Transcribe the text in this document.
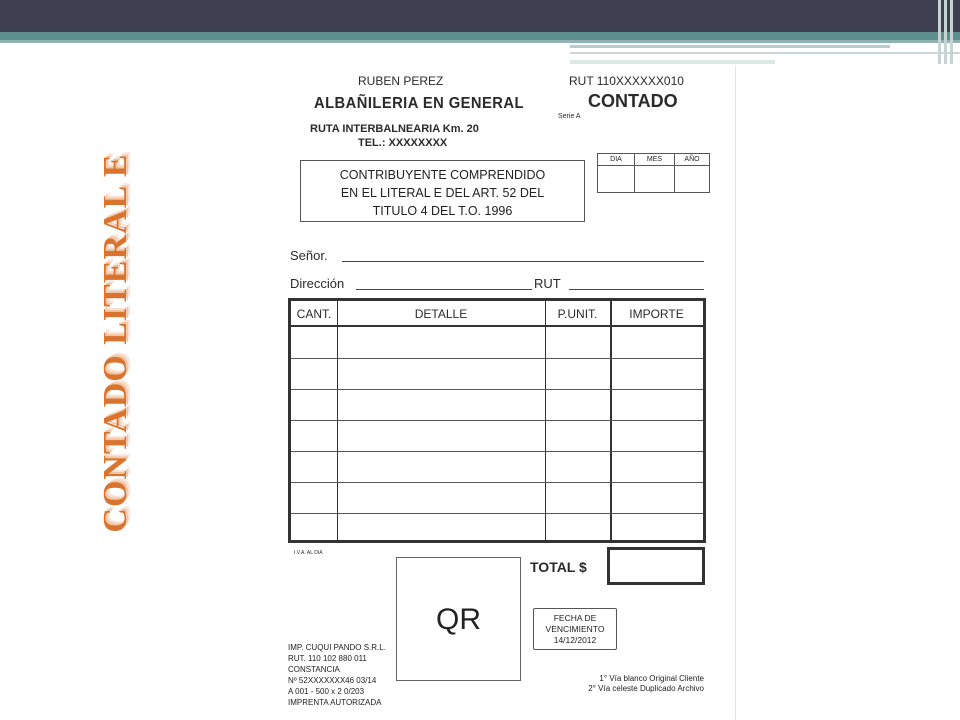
CONTADO LITERAL E
RUBEN PEREZ
ALBAÑILERIA EN GENERAL
RUTA INTERBALNEARIA Km. 20
TEL.: XXXXXXXX
RUT 110XXXXXX010
CONTADO
Serie A
CONTRIBUYENTE COMPRENDIDO
EN EL LITERAL E DEL ART. 52 DEL
TITULO 4 DEL T.O. 1996
DIA	MES	AÑO
Señor.
Dirección	RUT
CANT.	DETALLE	P.UNIT.	IMPORTE
I.V.A. AL DIA
TOTAL $
QR	FECHA DE
VENCIMIENTO
14/12/2012
IMP. CUQUI PANDO S.R.L.
RUT. 110 102 880 011
CONSTANCIA
Nº 52XXXXXXX46 03/14
A 001 - 500 x 2 0/203
IMPRENTA AUTORIZADA
1° Vía blanco Original Cliente
2° Vía celeste Duplicado Archivo
